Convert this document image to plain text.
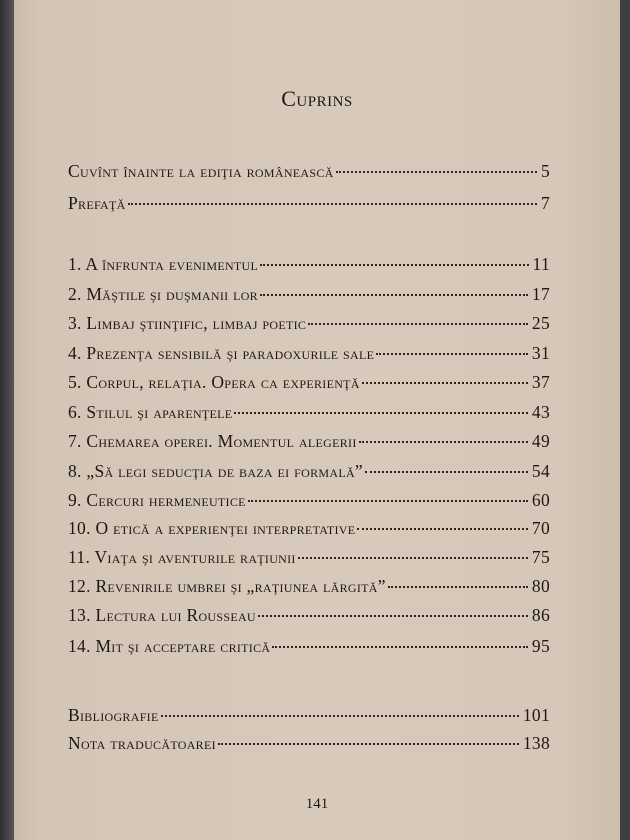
Cuprins
Cuvînt înainte la ediţia românească	5
Prefaţă	7
1. A înfrunta evenimentul	11
2. Măştile şi duşmanii lor	17
3. Limbaj ştiinţific, limbaj poetic	25
4. Prezenţa sensibilă şi paradoxurile sale	31
5. Corpul, relaţia. Opera ca experienţă	37
6. Stilul şi aparenţele	43
7. Chemarea operei. Momentul alegerii	49
8. „Să legi seducţia de baza ei formală”	54
9. Cercuri hermeneutice	60
10. O etică a experienţei interpretative	70
11. Viaţa şi aventurile raţiunii	75
12. Revenirile umbrei şi „raţiunea lărgită”	80
13. Lectura lui Rousseau	86
14. Mit şi acceptare critică	95
Bibliografie	101
Nota traducătoarei	138
141
